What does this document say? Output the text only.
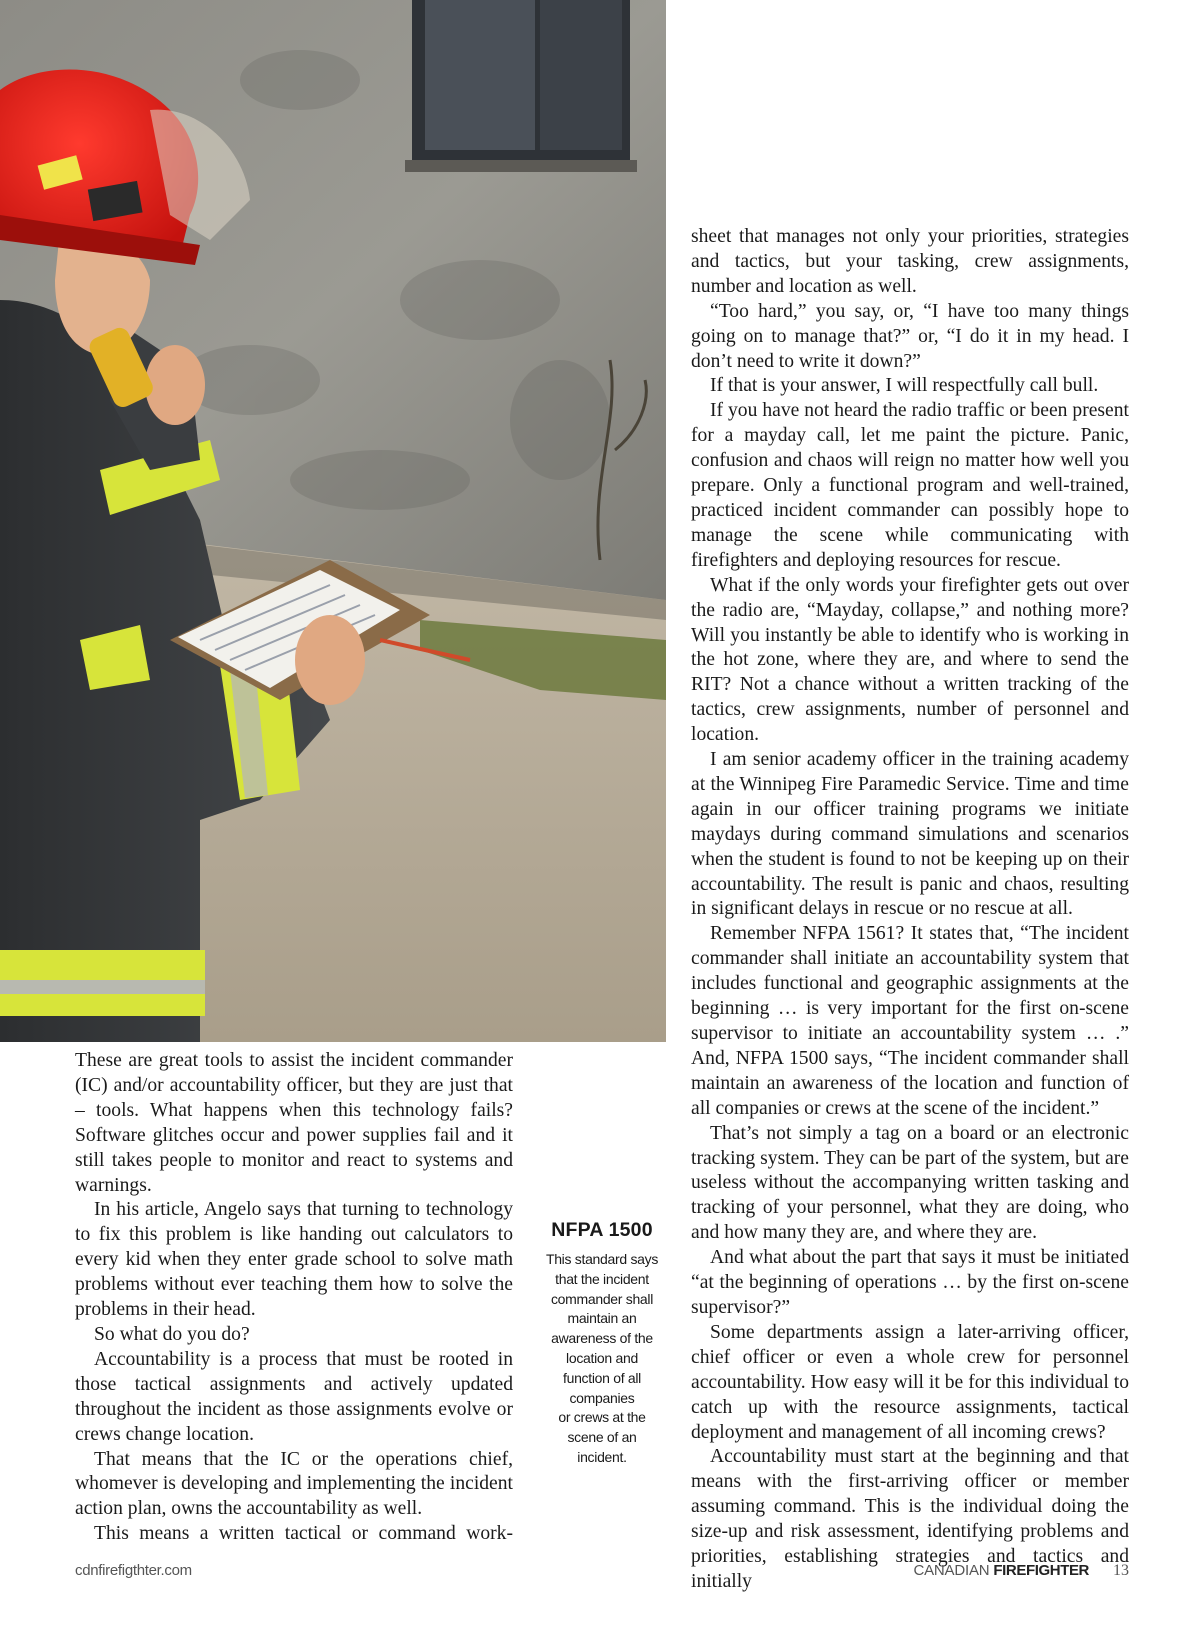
These are great tools to assist the incident commander (IC) and/or accountability officer, but they are just that – tools. What happens when this technology fails? Software glitches occur and power supplies fail and it still takes people to monitor and react to systems and warnings.

In his article, Angelo says that turning to technology to fix this problem is like handing out calculators to every kid when they enter grade school to solve math problems without ever teaching them how to solve the problems in their head.

So what do you do?

Accountability is a process that must be rooted in those tactical assignments and actively updated throughout the incident as those assignments evolve or crews change location.

That means that the IC or the operations chief, whomever is developing and implementing the incident action plan, owns the accountability as well.

This means a written tactical or command work-

NFPA 1500

This standard says
that the incident
commander shall
maintain an
awareness of the
location and
function of all
companies
or crews at the
scene of an
incident.

sheet that manages not only your priorities, strategies and tactics, but your tasking, crew assignments, number and location as well.

“Too hard,” you say, or, “I have too many things going on to manage that?” or, “I do it in my head. I don’t need to write it down?”

If that is your answer, I will respectfully call bull.

If you have not heard the radio traffic or been present for a mayday call, let me paint the picture. Panic, confusion and chaos will reign no matter how well you prepare. Only a functional program and well-trained, practiced incident commander can possibly hope to manage the scene while communicating with firefighters and deploying resources for rescue.

What if the only words your firefighter gets out over the radio are, “Mayday, collapse,” and nothing more? Will you instantly be able to identify who is working in the hot zone, where they are, and where to send the RIT? Not a chance without a written tracking of the tactics, crew assignments, number of personnel and location.

I am senior academy officer in the training academy at the Winnipeg Fire Paramedic Service. Time and time again in our officer training programs we initiate maydays during command simulations and scenarios when the student is found to not be keeping up on their accountability. The result is panic and chaos, resulting in significant delays in rescue or no rescue at all.

Remember NFPA 1561? It states that, “The incident commander shall initiate an accountability system that includes functional and geographic assignments at the beginning … is very important for the first on-scene supervisor to initiate an accountability system … .” And, NFPA 1500 says, “The incident commander shall maintain an awareness of the location and function of all companies or crews at the scene of the incident.”

That’s not simply a tag on a board or an electronic tracking system. They can be part of the system, but are useless without the accompanying written tasking and tracking of your personnel, what they are doing, who and how many they are, and where they are.

And what about the part that says it must be initiated “at the beginning of operations … by the first on-scene supervisor?”

Some departments assign a later-arriving officer, chief officer or even a whole crew for personnel accountability. How easy will it be for this individual to catch up with the resource assignments, tactical deployment and management of all incoming crews?

Accountability must start at the beginning and that means with the first-arriving officer or member assuming command. This is the individual doing the size-up and risk assessment, identifying problems and priorities, establishing strategies and tactics and initially

cdnfirefigthter.com	CANADIAN FIREFIGHTER 13
